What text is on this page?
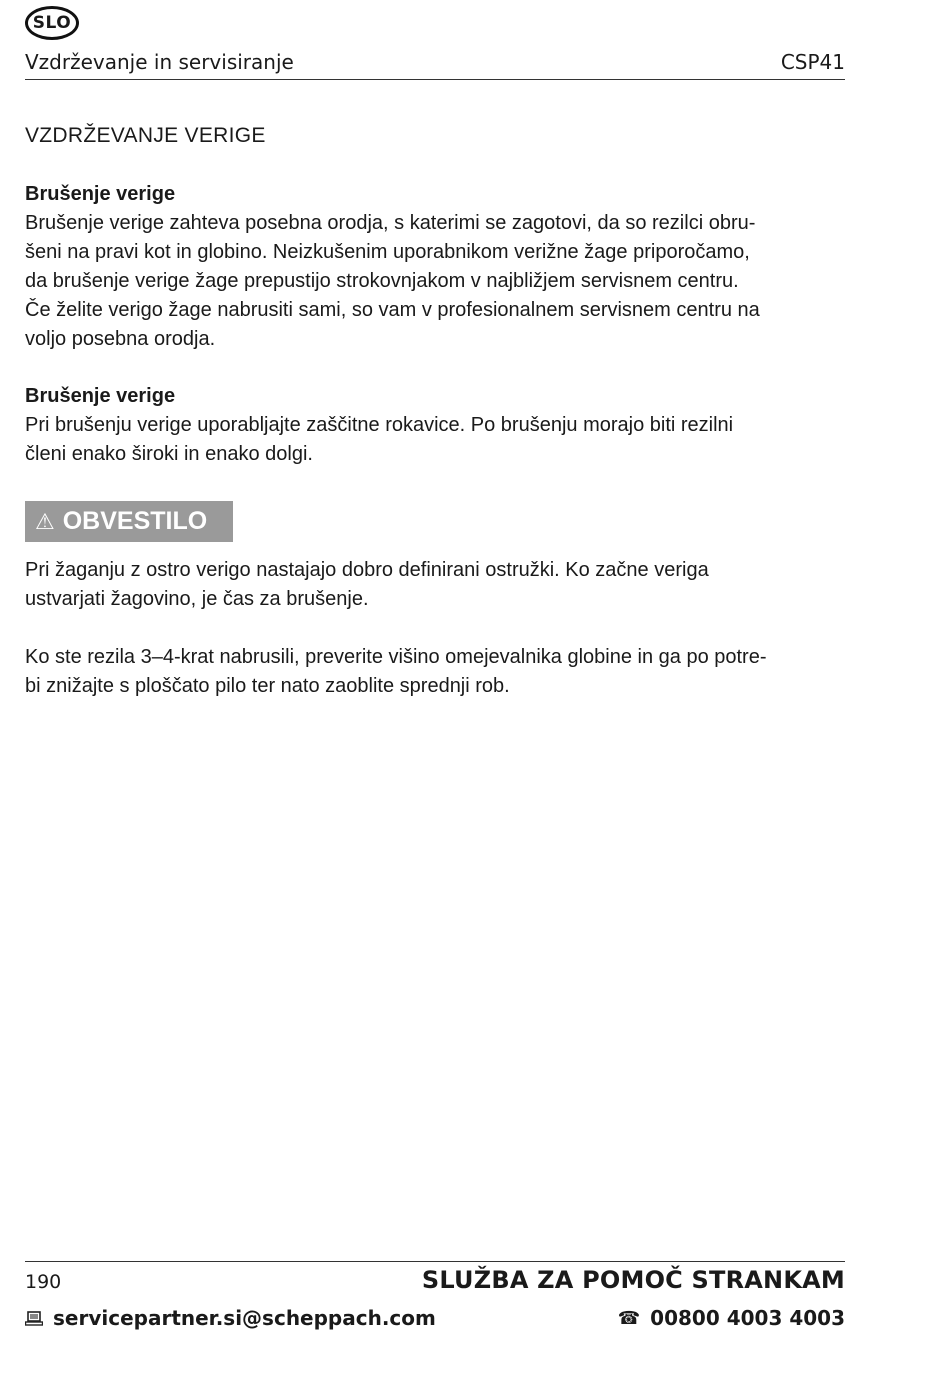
SLO
Vzdrževanje in servisiranje	CSP41
VZDRŽEVANJE VERIGE
Brušenje verige
Brušenje verige zahteva posebna orodja, s katerimi se zagotovi, da so rezilci obru-
šeni na pravi kot in globino. Neizkušenim uporabnikom verižne žage priporočamo,
da brušenje verige žage prepustijo strokovnjakom v najbližjem servisnem centru.
Če želite verigo žage nabrusiti sami, so vam v profesionalnem servisnem centru na
voljo posebna orodja.
Brušenje verige
Pri brušenju verige uporabljajte zaščitne rokavice. Po brušenju morajo biti rezilni
členi enako široki in enako dolgi.
⚠ OBVESTILO
Pri žaganju z ostro verigo nastajajo dobro definirani ostružki. Ko začne veriga
ustvarjati žagovino, je čas za brušenje.
Ko ste rezila 3–4-krat nabrusili, preverite višino omejevalnika globine in ga po potre-
bi znižajte s ploščato pilo ter nato zaoblite sprednji rob.
190	SLUŽBA ZA POMOČ STRANKAM
servicepartner.si@scheppach.com	☎ 00800 4003 4003
